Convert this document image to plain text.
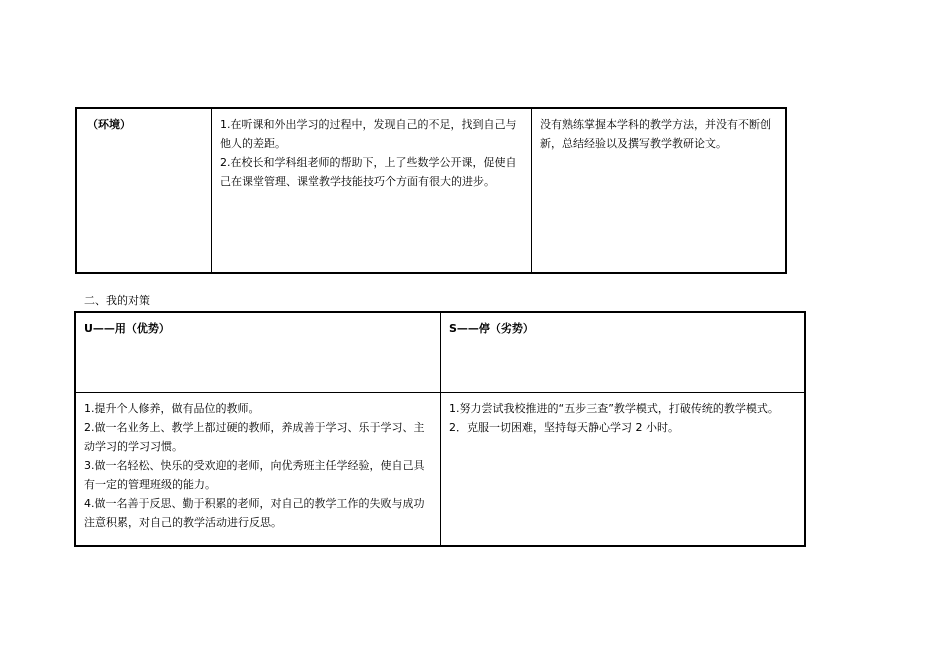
（环境）	1.在听课和外出学习的过程中，发现自己的不足，找到自己与他人的差距。
2.在校长和学科组老师的帮助下，上了些数学公开课，促使自己在课堂管理、课堂教学技能技巧个方面有很大的进步。
没有熟练掌握本学科的教学方法，并没有不断创新，总结经验以及撰写教学教研论文。
二、我的对策
U——用（优势）	S——停（劣势）
1.提升个人修养，做有品位的教师。
2.做一名业务上、教学上都过硬的教师，养成善于学习、乐于学习、主动学习的学习习惯。
3.做一名轻松、快乐的受欢迎的老师，向优秀班主任学经验，使自己具有一定的管理班级的能力。
4.做一名善于反思、勤于积累的老师，对自己的教学工作的失败与成功注意积累，对自己的教学活动进行反思。
1.努力尝试我校推进的“五步三查”教学模式，打破传统的教学模式。
2．克服一切困难，坚持每天静心学习 2 小时。
